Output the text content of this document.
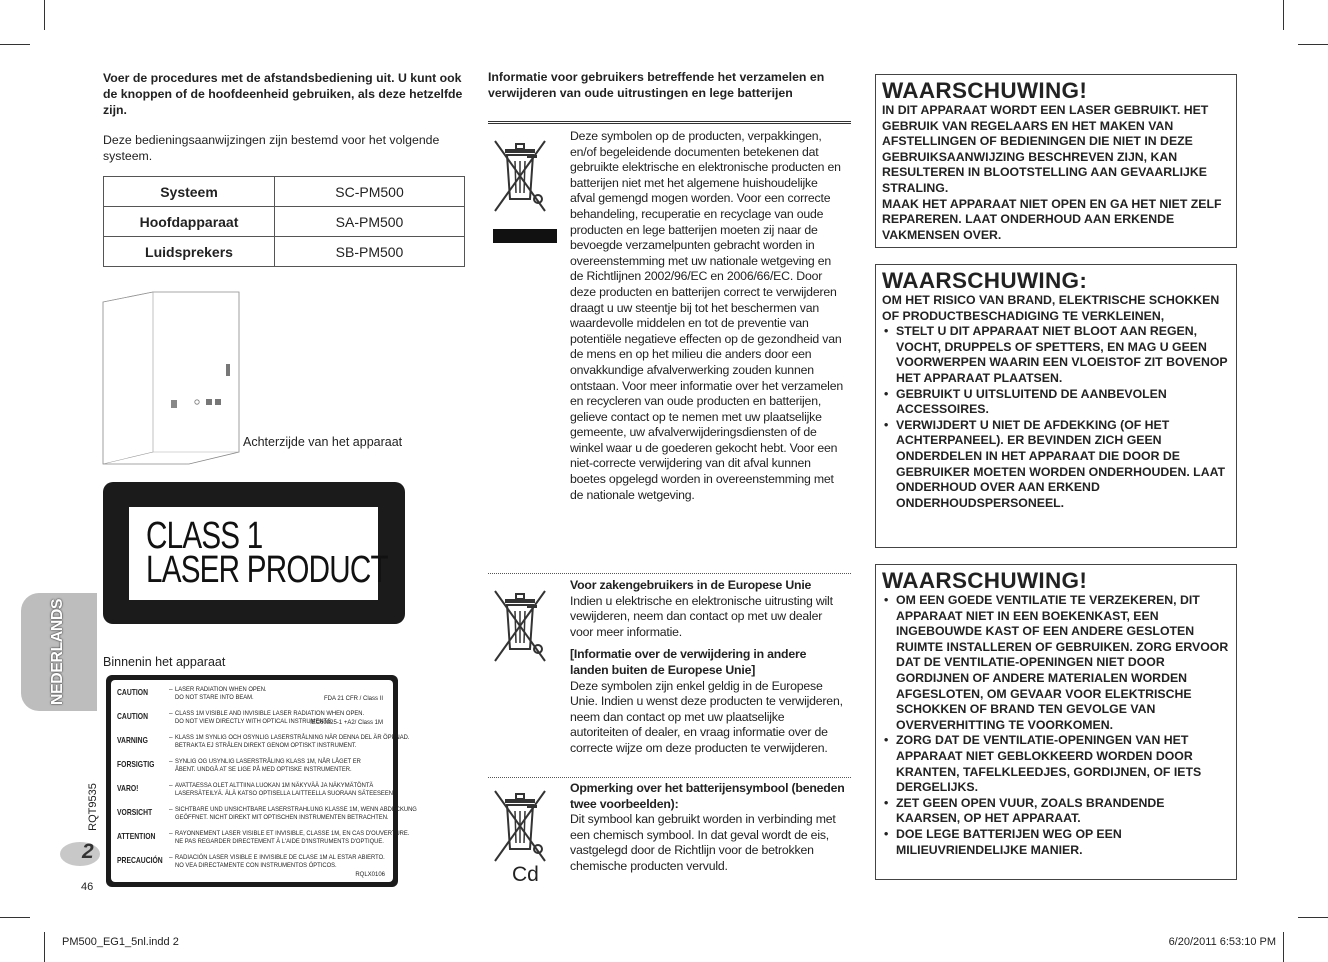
Voer de procedures met de afstandsbediening uit. U kunt ook de knoppen of de hoofdeenheid gebruiken, als deze hetzelfde zijn.
Deze bedieningsaanwijzingen zijn bestemd voor het volgende systeem.
Systeem	SC-PM500
Hoofdapparaat	SA-PM500
Luidsprekers	SB-PM500
Achterzijde van het apparaat
CLASS 1
LASER PRODUCT
Binnenin het apparaat
RQLX0106
CAUTION	– LASER RADIATION WHEN OPEN.
DO NOT STARE INTO BEAM.	FDA 21 CFR / Class II
CAUTION	– CLASS 1M VISIBLE AND INVISIBLE LASER RADIATION WHEN OPEN.
DO NOT VIEW DIRECTLY WITH OPTICAL INSTRUMENTS.
IEC60825-1 +A2/ Class 1M
VARNING	– KLASS 1M SYNLIG OCH OSYNLIG LASERSTRÅLNING NÄR DENNA DEL ÄR ÖPPNAD.
BETRAKTA EJ STRÅLEN DIREKT GENOM OPTISKT INSTRUMENT.
FORSIGTIG – SYNLIG OG USYNLIG LASERSTRÅLING KLASS 1M, NÅR LÅGET ER
ÅBENT. UNDGÅ AT SE LIGE PÅ MED OPTISKE INSTRUMENTER.
VARO!	– AVATTAESSA OLET ALTTIINA LUOKAN 1M NÄKYVÄÄ JA NÄKYMÄTÖNTÄ
LASERSÄTEILYÄ. ÄLÄ KATSO OPTISELLA LAITTEELLA SUORAAN SÄTEESEEN.
VORSICHT	– SICHTBARE UND UNSICHTBARE LASERSTRAHLUNG KLASSE 1M, WENN ABDECKUNG
GEÖFFNET. NICHT DIREKT MIT OPTISCHEN INSTRUMENTEN BETRACHTEN.
ATTENTION – RAYONNEMENT LASER VISIBLE ET INVISIBLE, CLASSE 1M, EN CAS D'OUVERTURE.
NE PAS REGARDER DIRECTEMENT À L'AIDE D'INSTRUMENTS D'OPTIQUE.
PRECAUCIÓN – RADIACIÓN LASER VISIBLE E INVISIBLE DE CLASE 1M AL ESTAR ABIERTO.
NO VEA DIRECTAMENTE CON INSTRUMENTOS ÓPTICOS.
NEDERLANDS
RQT9535
2
46
Informatie voor gebruikers betreffende het verzamelen en verwijderen van oude uitrustingen en lege batterijen
Deze symbolen op de producten, verpakkingen, en/of begeleidende documenten betekenen dat gebruikte elektrische en elektronische producten en batterijen niet met het algemene huishoudelijke afval gemengd mogen worden. Voor een correcte behandeling, recuperatie en recyclage van oude producten en lege batterijen moeten zij naar de bevoegde verzamelpunten gebracht worden in overeenstemming met uw nationale wetgeving en de Richtlijnen 2002/96/EC en 2006/66/EC. Door deze producten en batterijen correct te verwijderen draagt u uw steentje bij tot het beschermen van waardevolle middelen en tot de preventie van potentiële negatieve effecten op de gezondheid van de mens en op het milieu die anders door een onvakkundige afvalverwerking zouden kunnen ontstaan. Voor meer informatie over het verzamelen en recycleren van oude producten en batterijen, gelieve contact op te nemen met uw plaatselijke gemeente, uw afvalverwijderingsdiensten of de winkel waar u de goederen gekocht hebt. Voor een niet-correcte verwijdering van dit afval kunnen boetes opgelegd worden in overeenstemming met de nationale wetgeving.
Voor zakengebruikers in de Europese Unie
Indien u elektrische en elektronische uitrusting wilt vewijderen, neem dan contact op met uw dealer voor meer informatie.
[Informatie over de verwijdering in andere landen buiten de Europese Unie]
Deze symbolen zijn enkel geldig in de Europese Unie. Indien u wenst deze producten te verwijderen, neem dan contact op met uw plaatselijke autoriteiten of dealer, en vraag informatie over de correcte wijze om deze producten te verwijderen.
Cd
Opmerking over het batterijensymbool (beneden twee voorbeelden):
Dit symbool kan gebruikt worden in verbinding met een chemisch symbool. In dat geval wordt de eis, vastgelegd door de Richtlijn voor de betrokken chemische producten vervuld.
WAARSCHUWING!
IN DIT APPARAAT WORDT EEN LASER GEBRUIKT. HET GEBRUIK VAN REGELAARS EN HET MAKEN VAN AFSTELLINGEN OF BEDIENINGEN DIE NIET IN DEZE GEBRUIKSAANWIJZING BESCHREVEN ZIJN, KAN RESULTEREN IN BLOOTSTELLING AAN GEVAARLIJKE STRALING.
MAAK HET APPARAAT NIET OPEN EN GA HET NIET ZELF REPAREREN. LAAT ONDERHOUD AAN ERKENDE VAKMENSEN OVER.
WAARSCHUWING:
OM HET RISICO VAN BRAND, ELEKTRISCHE SCHOKKEN OF PRODUCTBESCHADIGING TE VERKLEINEN,
• STELT U DIT APPARAAT NIET BLOOT AAN REGEN, VOCHT, DRUPPELS OF SPETTERS, EN MAG U GEEN VOORWERPEN WAARIN EEN VLOEISTOF ZIT BOVENOP HET APPARAAT PLAATSEN.
• GEBRUIKT U UITSLUITEND DE AANBEVOLEN ACCESSOIRES.
• VERWIJDERT U NIET DE AFDEKKING (OF HET ACHTERPANEEL). ER BEVINDEN ZICH GEEN ONDERDELEN IN HET APPARAAT DIE DOOR DE GEBRUIKER MOETEN WORDEN ONDERHOUDEN. LAAT ONDERHOUD OVER AAN ERKEND ONDERHOUDSPERSONEEL.
WAARSCHUWING!
• OM EEN GOEDE VENTILATIE TE VERZEKEREN, DIT APPARAAT NIET IN EEN BOEKENKAST, EEN INGEBOUWDE KAST OF EEN ANDERE GESLOTEN RUIMTE INSTALLEREN OF GEBRUIKEN. ZORG ERVOOR DAT DE VENTILATIE-OPENINGEN NIET DOOR GORDIJNEN OF ANDERE MATERIALEN WORDEN AFGESLOTEN, OM GEVAAR VOOR ELEKTRISCHE SCHOKKEN OF BRAND TEN GEVOLGE VAN OVERVERHITTING TE VOORKOMEN.
• ZORG DAT DE VENTILATIE-OPENINGEN VAN HET APPARAAT NIET GEBLOKKEERD WORDEN DOOR KRANTEN, TAFELKLEEDJES, GORDIJNEN, OF IETS DERGELIJKS.
• ZET GEEN OPEN VUUR, ZOALS BRANDENDE KAARSEN, OP HET APPARAAT.
• DOE LEGE BATTERIJEN WEG OP EEN MILIEUVRIENDELIJKE MANIER.
PM500_EG1_5nl.indd 2	6/20/2011 6:53:10 PM
